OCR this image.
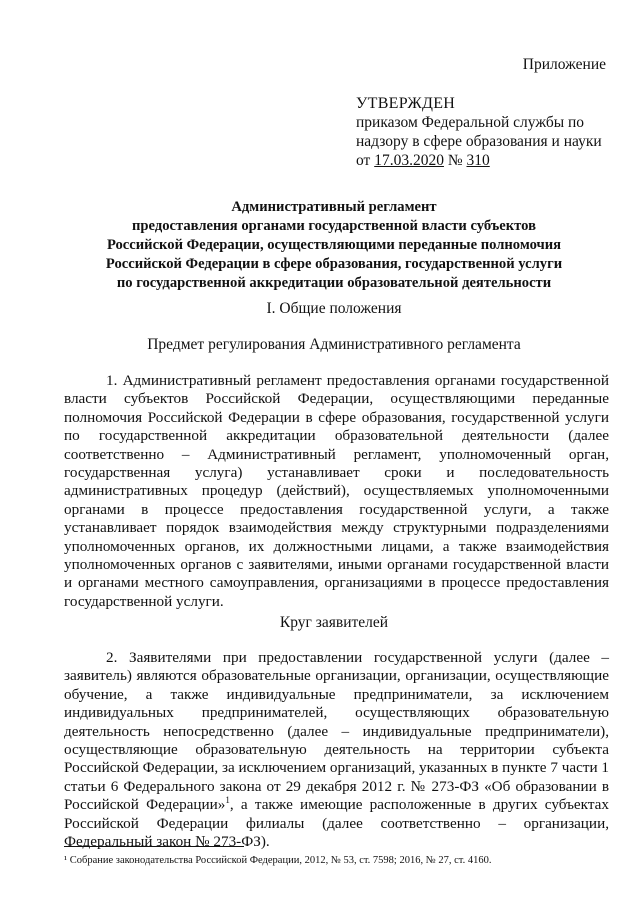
Приложение
УТВЕРЖДЕН
приказом Федеральной службы по
надзору в сфере образования и науки
от 17.03.2020 № 310
Административный регламент
предоставления органами государственной власти субъектов
Российской Федерации, осуществляющими переданные полномочия
Российской Федерации в сфере образования, государственной услуги
по государственной аккредитации образовательной деятельности
I. Общие положения
Предмет регулирования Административного регламента

1. Административный регламент предоставления органами государственной власти субъектов Российской Федерации, осуществляющими переданные полномочия Российской Федерации в сфере образования, государственной услуги по государственной аккредитации образовательной деятельности (далее соответственно – Административный регламент, уполномоченный орган, государственная услуга) устанавливает сроки и последовательность административных процедур (действий), осуществляемых уполномоченными органами в процессе предоставления государственной услуги, а также устанавливает порядок взаимодействия между структурными подразделениями уполномоченных органов, их должностными лицами, а также взаимодействия уполномоченных органов с заявителями, иными органами государственной власти и органами местного самоуправления, организациями в процессе предоставления государственной услуги.

Круг заявителей

2. Заявителями при предоставлении государственной услуги (далее – заявитель) являются образовательные организации, организации, осуществляющие обучение, а также индивидуальные предприниматели, за исключением индивидуальных предпринимателей, осуществляющих образовательную деятельность непосредственно (далее – индивидуальные предприниматели), осуществляющие образовательную деятельность на территории субъекта Российской Федерации, за исключением организаций, указанных в пункте 7 части 1 статьи 6 Федерального закона от 29 декабря 2012 г. № 273-ФЗ «Об образовании в Российской Федерации»$^1$, а также имеющие расположенные в других субъектах Российской Федерации филиалы (далее соответственно – организации, Федеральный закон № 273-ФЗ).

¹ Собрание законодательства Российской Федерации, 2012, № 53, ст. 7598; 2016, № 27, ст. 4160.
